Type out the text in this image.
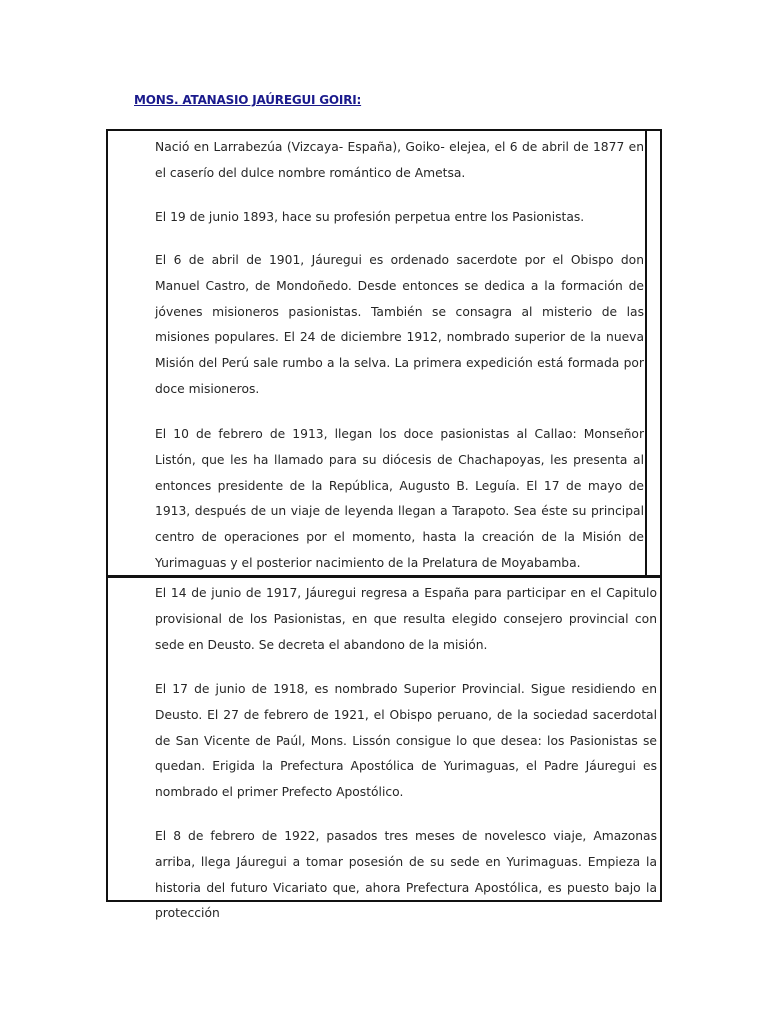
MONS. ATANASIO JAÚREGUI GOIRI:

Nació en Larrabezúa (Vizcaya- España), Goiko- elejea, el 6 de abril de 1877 en el caserío del dulce nombre romántico de Ametsa.

El 19 de junio 1893, hace su profesión perpetua entre los Pasionistas.

El 6 de abril de 1901, Jáuregui es ordenado sacerdote por el Obispo don Manuel Castro, de Mondoñedo. Desde entonces se dedica a la formación de jóvenes misioneros pasionistas. También se consagra al misterio de las misiones populares. El 24 de diciembre 1912, nombrado superior de la nueva Misión del Perú sale rumbo a la selva. La primera expedición está formada por doce misioneros.

El 10 de febrero de 1913, llegan los doce pasionistas al Callao: Monseñor Listón, que les ha llamado para su diócesis de Chachapoyas, les presenta al entonces presidente de la República, Augusto B. Leguía. El 17 de mayo de 1913, después de un viaje de leyenda llegan a Tarapoto. Sea éste su principal centro de operaciones por el momento, hasta la creación de la Misión de Yurimaguas y el posterior nacimiento de la Prelatura de Moyabamba.

El 14 de junio de 1917, Jáuregui regresa a España para participar en el Capitulo provisional de los Pasionistas, en que resulta elegido consejero provincial con sede en Deusto. Se decreta el abandono de la misión.

El 17 de junio de 1918, es nombrado Superior Provincial. Sigue residiendo en Deusto. El 27 de febrero de 1921, el Obispo peruano, de la sociedad sacerdotal de San Vicente de Paúl, Mons. Lissón consigue lo que desea: los Pasionistas se quedan. Erigida la Prefectura Apostólica de Yurimaguas, el Padre Jáuregui es nombrado el primer Prefecto Apostólico.

El 8 de febrero de 1922, pasados tres meses de novelesco viaje, Amazonas arriba, llega Jáuregui a tomar posesión de su sede en Yurimaguas. Empieza la historia del futuro Vicariato que, ahora Prefectura Apostólica, es puesto bajo la protección
